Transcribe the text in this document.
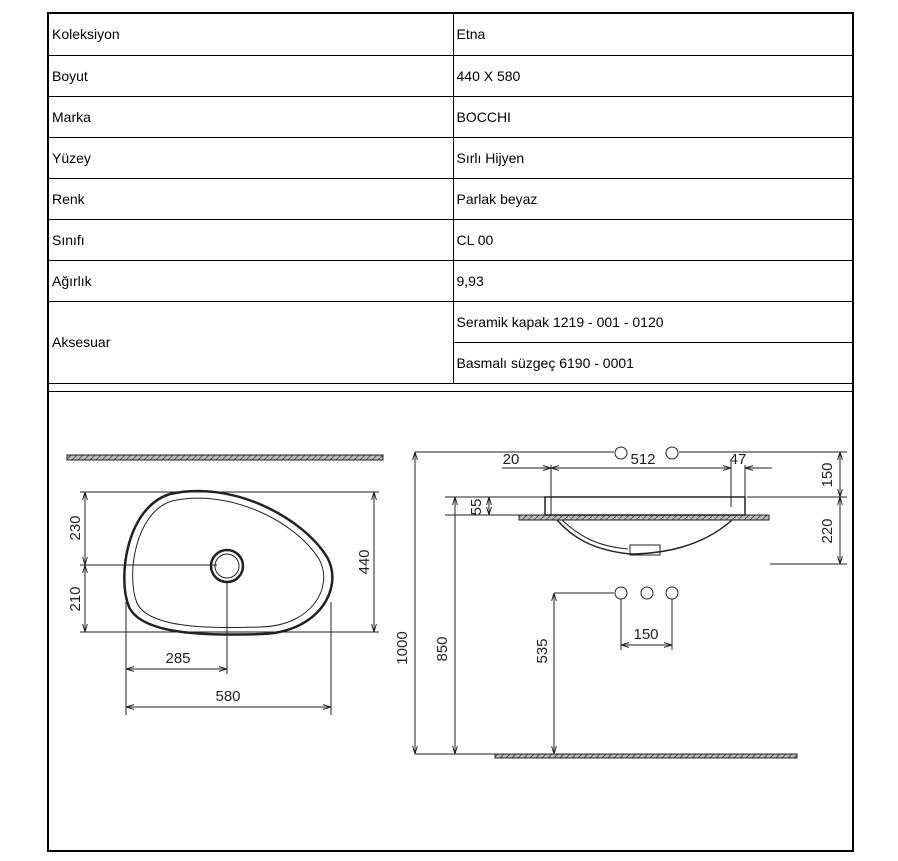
Koleksiyon	Etna
Boyut	440 X 580
Marka	BOCCHI
Yüzey	Sırlı Hijyen
Renk	Parlak beyaz
Sınıfı	CL 00
Ağırlık	9,93
Aksesuar	Seramik kapak 1219 - 001 - 0120
	Basmalı süzgeç 6190 - 0001
230
210
440
285
580
1000 850
150
220
55
20	512	47
150
535
